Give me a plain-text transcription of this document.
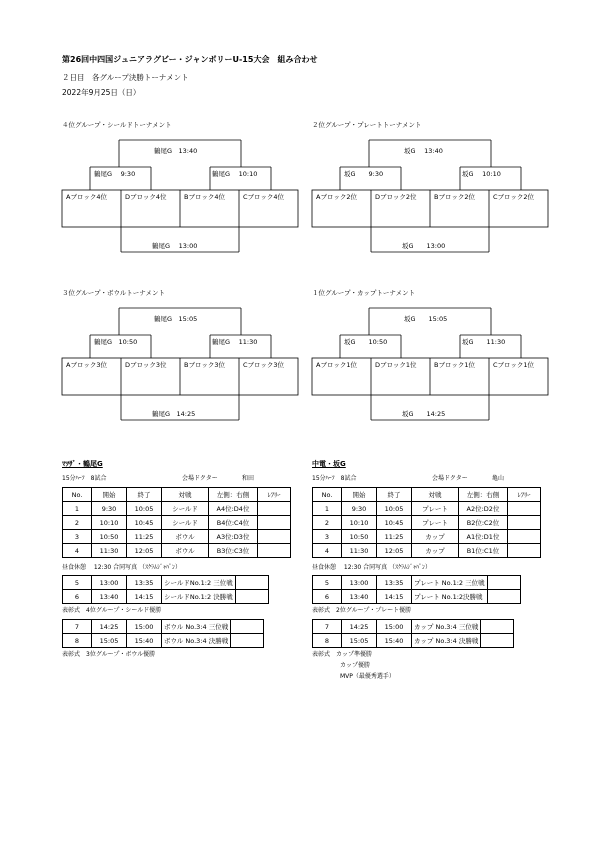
第26回中四国ジュニアラグビー・ジャンボリーU-15大会　組み合わせ
２日目　各グループ決勝トーナメント
2022年9月25日（日）
４位グループ・シールドトーナメント
鶴尾G　13:40
鶴尾G　 9:30	鶴尾G　 10:10
Aブロック4位	Dブロック4位	Bブロック4位	Cブロック4位
鶴尾G　 13:00
２位グループ・プレートトーナメント
坂G　 13:40
坂G　　9:30	坂G　 10:10
Aブロック2位	Dブロック2位	Bブロック2位	Cブロック2位
坂G　　13:00
３位グループ・ボウルトーナメント
鶴尾G　15:05
鶴尾G　10:50	鶴尾G　 11:30
Aブロック3位	Dブロック3位	Bブロック3位	Cブロック3位
鶴尾G　14:25
１位グループ・カップトーナメント
坂G　　15:05
坂G　　10:50	坂G　　11:30
Aブロック1位	Dブロック1位	Bブロック1位	Cブロック1位
坂G　　14:25
ﾏﾂｻﾞ・鶴尾G
15分ﾊｰﾌ　8試合	会場ドクター	和田
No.	開始	終了	対戦	左側：右側	ﾚﾌﾘｰ
1	9:30	10:05	シールド	A4位:D4位	
2	10:10	10:45	シールド	B4位:C4位	
3	10:50	11:25	ボウル	A3位:D3位	
4	11:30	12:05	ボウル	B3位:C3位	
昼食休憩　 12:30 合同写真 （ｽｸﾗﾑｼﾞｬﾊﾟﾝ）
5	13:00	13:35	シールドNo.1:2 三位戦	
6	13:40	14:15	シールドNo.1:2 決勝戦	
表彰式　4位グループ・シールド優勝
7	14:25	15:00	ボウル No.3:4 三位戦	
8	15:05	15:40	ボウル No.3:4 決勝戦	
表彰式　3位グループ・ボウル優勝
中電・坂G
15分ﾊｰﾌ　8試合	会場ドクター	亀山
No.	開始	終了	対戦	左側：右側	ﾚﾌﾘｰ
1	9:30	10:05	プレート	A2位:D2位	
2	10:10	10:45	プレート	B2位:C2位	
3	10:50	11:25	カップ	A1位:D1位	
4	11:30	12:05	カップ	B1位:C1位	
昼食休憩　 12:30 合同写真 （ｽｸﾗﾑｼﾞｬﾊﾟﾝ）
5	13:00	13:35	プレート No.1:2 三位戦	
6	13:40	14:15	プレート No.1:2決勝戦	
表彰式　2位グループ・プレート優勝
7	14:25	15:00	カップ No.3:4 三位戦	
8	15:05	15:40	カップ No.3:4 決勝戦	
表彰式　カップ準優勝
カップ優勝
MVP（最優秀選手）
